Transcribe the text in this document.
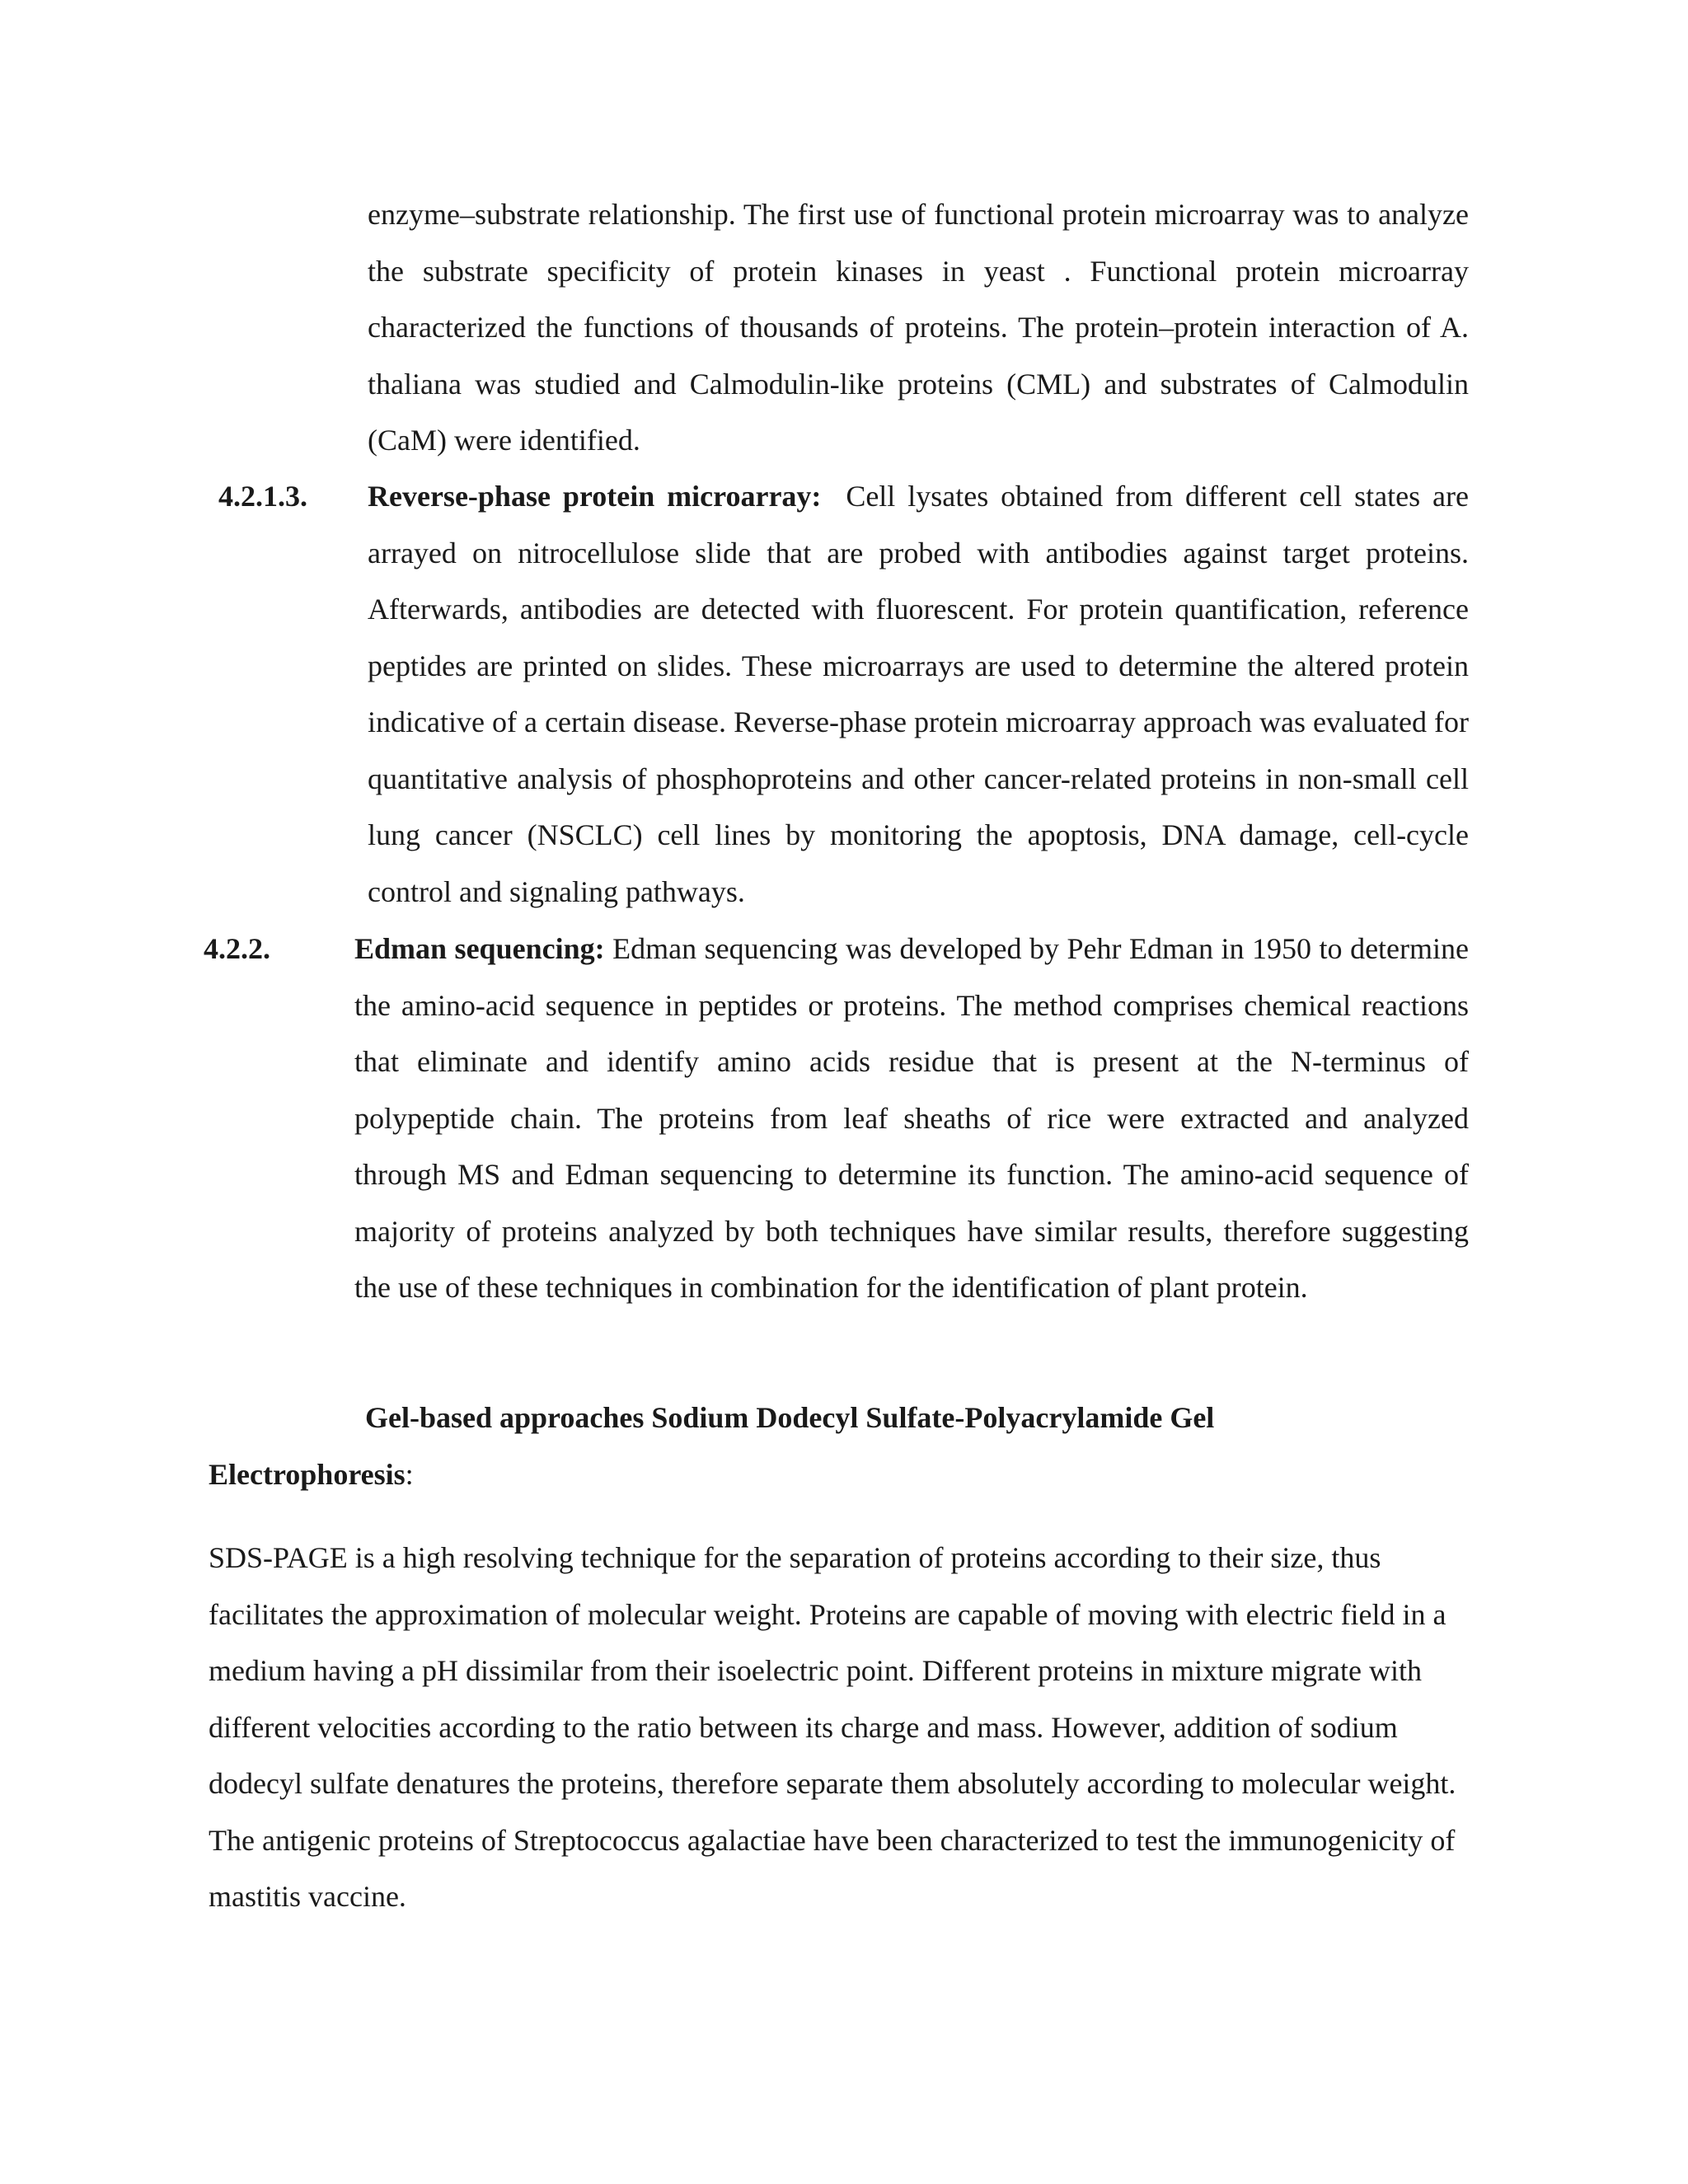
enzyme–substrate relationship. The first use of functional protein microarray was to analyze the substrate specificity of protein kinases in yeast . Functional protein microarray characterized the functions of thousands of proteins. The protein–protein interaction of A. thaliana was studied and Calmodulin-like proteins (CML) and substrates of Calmodulin (CaM) were identified.

4.2.1.3. Reverse-phase protein microarray: Cell lysates obtained from different cell states are arrayed on nitrocellulose slide that are probed with antibodies against target proteins. Afterwards, antibodies are detected with fluorescent. For protein quantification, reference peptides are printed on slides. These microarrays are used to determine the altered protein indicative of a certain disease. Reverse-phase protein microarray approach was evaluated for quantitative analysis of phosphoproteins and other cancer-related proteins in non-small cell lung cancer (NSCLC) cell lines by monitoring the apoptosis, DNA damage, cell-cycle control and signaling pathways.

4.2.2.	Edman sequencing: Edman sequencing was developed by Pehr Edman in 1950 to determine the amino-acid sequence in peptides or proteins. The method comprises chemical reactions that eliminate and identify amino acids residue that is present at the N-terminus of polypeptide chain. The proteins from leaf sheaths of rice were extracted and analyzed through MS and Edman sequencing to determine its function. The amino-acid sequence of majority of proteins analyzed by both techniques have similar results, therefore suggesting the use of these techniques in combination for the identification of plant protein.

Gel-based approaches Sodium Dodecyl Sulfate-Polyacrylamide Gel
Electrophoresis:

SDS-PAGE is a high resolving technique for the separation of proteins according to their size, thus facilitates the approximation of molecular weight. Proteins are capable of moving with electric field in a medium having a pH dissimilar from their isoelectric point. Different proteins in mixture migrate with different velocities according to the ratio between its charge and mass. However, addition of sodium dodecyl sulfate denatures the proteins, therefore separate them absolutely according to molecular weight. The antigenic proteins of Streptococcus agalactiae have been characterized to test the immunogenicity of mastitis vaccine.
